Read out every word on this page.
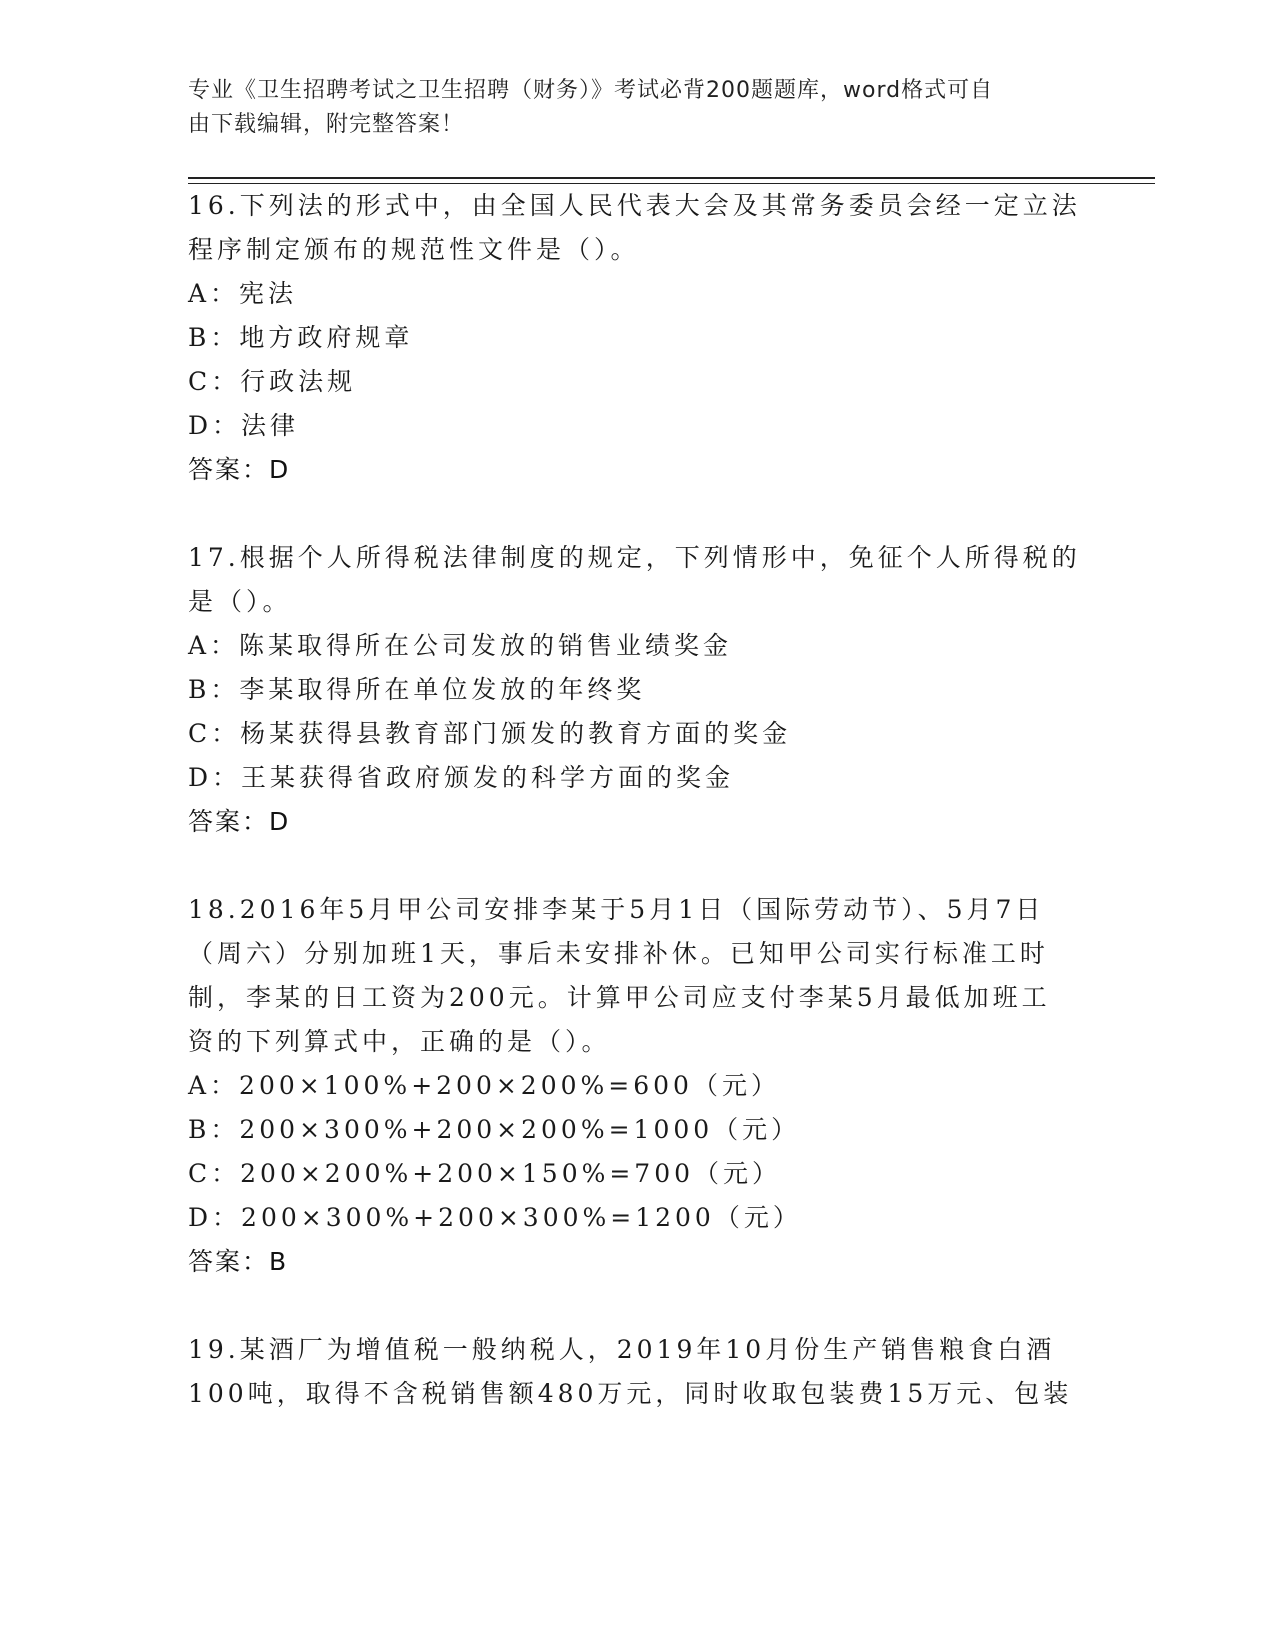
专业《卫生招聘考试之卫生招聘（财务）》考试必背200题题库，word格式可自
由下载编辑，附完整答案！
16.下列法的形式中，由全国人民代表大会及其常务委员会经一定立法
程序制定颁布的规范性文件是（）。
A：宪法
B：地方政府规章
C：行政法规
D：法律
答案：D
17.根据个人所得税法律制度的规定，下列情形中，免征个人所得税的
是（）。
A：陈某取得所在公司发放的销售业绩奖金
B：李某取得所在单位发放的年终奖
C：杨某获得县教育部门颁发的教育方面的奖金
D：王某获得省政府颁发的科学方面的奖金
答案：D
18.2016年5月甲公司安排李某于5月1日（国际劳动节）、5月7日
（周六）分别加班1天，事后未安排补休。已知甲公司实行标准工时
制，李某的日工资为200元。计算甲公司应支付李某5月最低加班工
资的下列算式中，正确的是（）。
A：200×100%+200×200%=600（元）
B：200×300%+200×200%=1000（元）
C：200×200%+200×150%=700（元）
D：200×300%+200×300%=1200（元）
答案：B
19.某酒厂为增值税一般纳税人，2019年10月份生产销售粮食白酒
100吨，取得不含税销售额480万元，同时收取包装费15万元、包装
